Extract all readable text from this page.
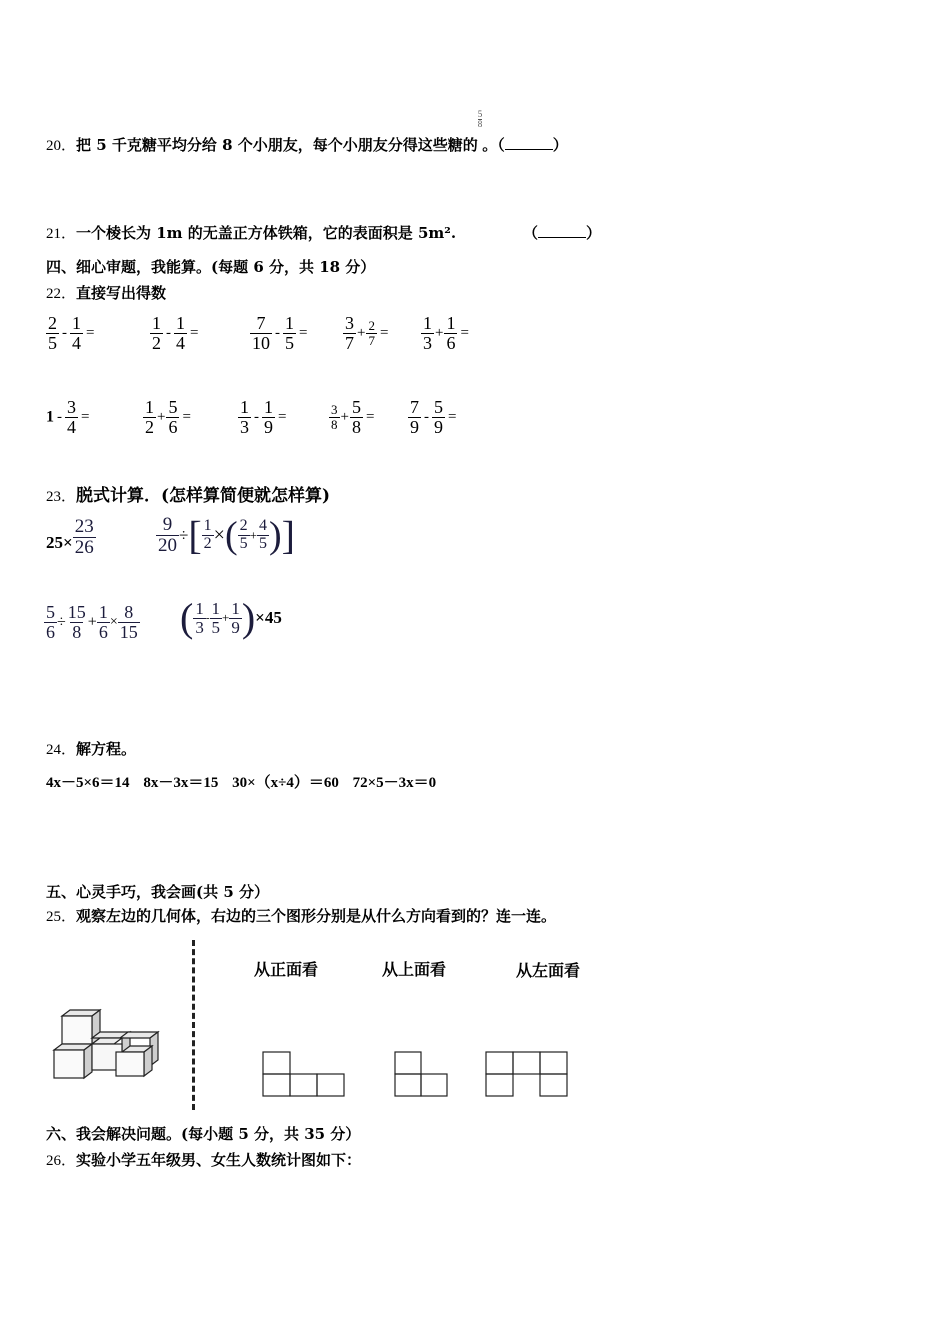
20．把 5 千克糖平均分给 8 个小朋友，每个小朋友分得这些糖的
$\frac{5}{8}$
。（	）
21．一个棱长为 1m 的无盖正方体铁箱，它的表面积是 5m².	（	）
四、细心审题，我能算。(每题 6 分，共 18 分）
22．直接写出得数
$\frac{2}{5} - \frac{1}{4}$ =	$\frac{1}{2} - \frac{1}{4}$ =	$\frac{7}{10} - \frac{1}{5} = \frac{3}{7} + \frac{2}{7} = \frac{1}{3} + \frac{1}{6}$ =
$1 - \frac{3}{4}$ =	$\frac{1}{2} + \frac{5}{6}$ =	$\frac{1}{3} - \frac{1}{9}$ =	$\frac{3}{8} + \frac{5}{8} = \frac{7}{9} - \frac{5}{9}$ =
23．脱式计算．(怎样算简便就怎样算)
$25\times \frac{23}{26}$	$\frac{9}{20}$ ÷[ $\frac{1}{2}$ ×( $\frac{2}{5} + \frac{4}{5}$ )]
$\frac{5}{6} \div \frac{15}{8} + \frac{1}{6} \times \frac{8}{15}$ ( $\frac{1}{3} - \frac{1}{5} + \frac{1}{9} )\times 45$
24．解方程。
4x－5×6＝14 8x－3x＝15 30×（x÷4）＝60 72×5－3x＝0
五、心灵手巧，我会画(共 5 分）
25．观察左边的几何体，右边的三个图形分别是从什么方向看到的？连一连。
从正面看	从上面看	从左面看
六、我会解决问题。(每小题 5 分，共 35 分）
26．实验小学五年级男、女生人数统计图如下：
